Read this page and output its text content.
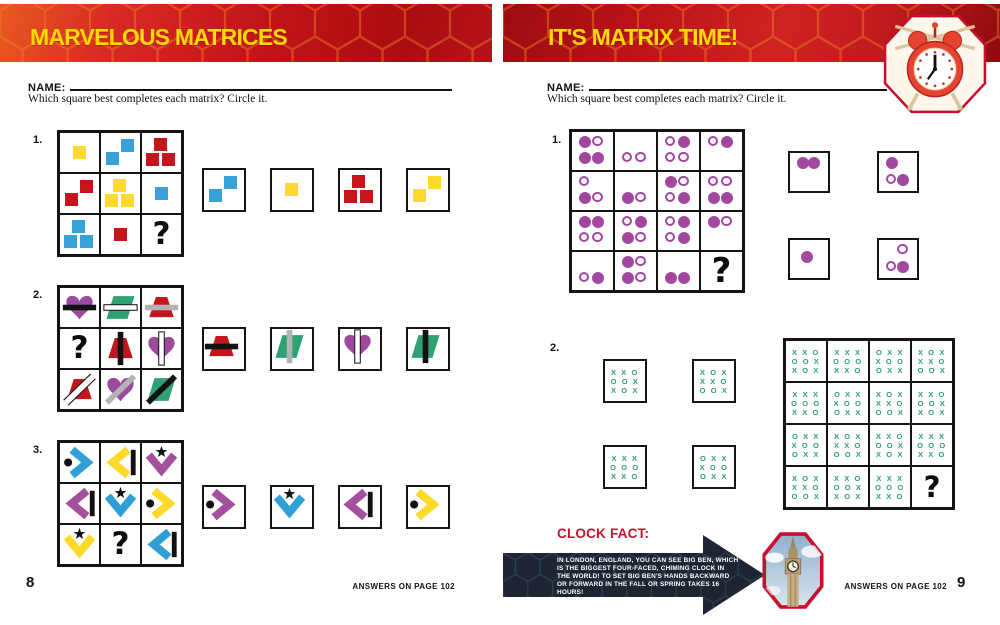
MARVELOUS MATRICES
NAME:
Which square best completes each matrix? Circle it.
1.
?
2.
?
3.
?
8	ANSWERS ON PAGE 102
IT'S MATRIX TIME!
NAME:
Which square best completes each matrix? Circle it.
1.
?
2.
X X O
O O X
X O X
X O X
X X O
O O X
X X X
O O O
X X O
O X X
X O O
O X X
X X O
O O X
X O X
X X X
O O O
X X O
O X X
X O O
O X X
X O X
X X O
O O X
X X X
O O O
X X O
O X X
X O O
O X X
X O X
X X O
O O X
X X O
O O X
X O X
O X X
X O O
O X X
X O X
X X O
O O X
X X O
O O X
X O X
X X X
O O O
X X O
X O X
X X O
O O X
X X O
O O X
X O X
X X X
O O O
X X O ?
CLOCK FACT:
IN LONDON, ENGLAND, YOU CAN SEE BIG BEN, WHICH IS THE BIGGEST FOUR-FACED, CHIMING CLOCK IN THE WORLD! TO SET BIG BEN'S HANDS BACKWARD OR FORWARD IN THE FALL OR SPRING TAKES 16 HOURS!
ANSWERS ON PAGE 102 9
